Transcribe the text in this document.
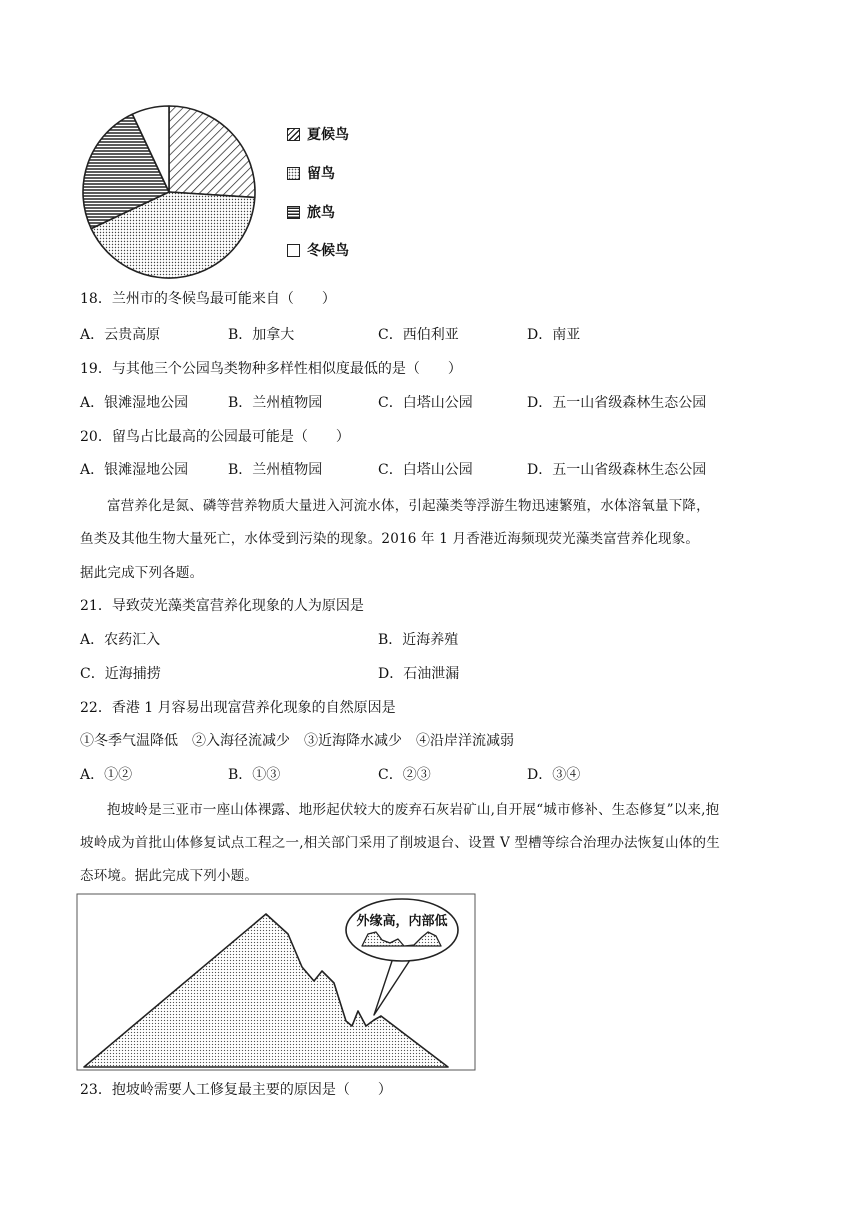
夏候鸟
留鸟
旅鸟
冬候鸟
18．兰州市的冬候鸟最可能来自（　　）
A．云贵高原	B．加拿大	C．西伯利亚	D．南亚
19．与其他三个公园鸟类物种多样性相似度最低的是（　　）
A．银滩湿地公园	B．兰州植物园	C．白塔山公园	D．五一山省级森林生态公园
20．留鸟占比最高的公园最可能是（　　）
A．银滩湿地公园	B．兰州植物园	C．白塔山公园	D．五一山省级森林生态公园
富营养化是氮、磷等营养物质大量进入河流水体，引起藻类等浮游生物迅速繁殖，水体溶氧量下降，
鱼类及其他生物大量死亡，水体受到污染的现象。2016 年 1 月香港近海频现荧光藻类富营养化现象。
据此完成下列各题。
21．导致荧光藻类富营养化现象的人为原因是
A．农药汇入	B．近海养殖
C．近海捕捞	D．石油泄漏
22．香港 1 月容易出现富营养化现象的自然原因是
①冬季气温降低　②入海径流减少　③近海降水减少　④沿岸洋流减弱
A．①②	B．①③	C．②③	D．③④
抱坡岭是三亚市一座山体裸露、地形起伏较大的废弃石灰岩矿山,自开展“城市修补、生态修复”以来,抱
坡岭成为首批山体修复试点工程之一,相关部门采用了削坡退台、设置 V 型槽等综合治理办法恢复山体的生
态环境。据此完成下列小题。
外缘高，内部低
23．抱坡岭需要人工修复最主要的原因是（　　）
